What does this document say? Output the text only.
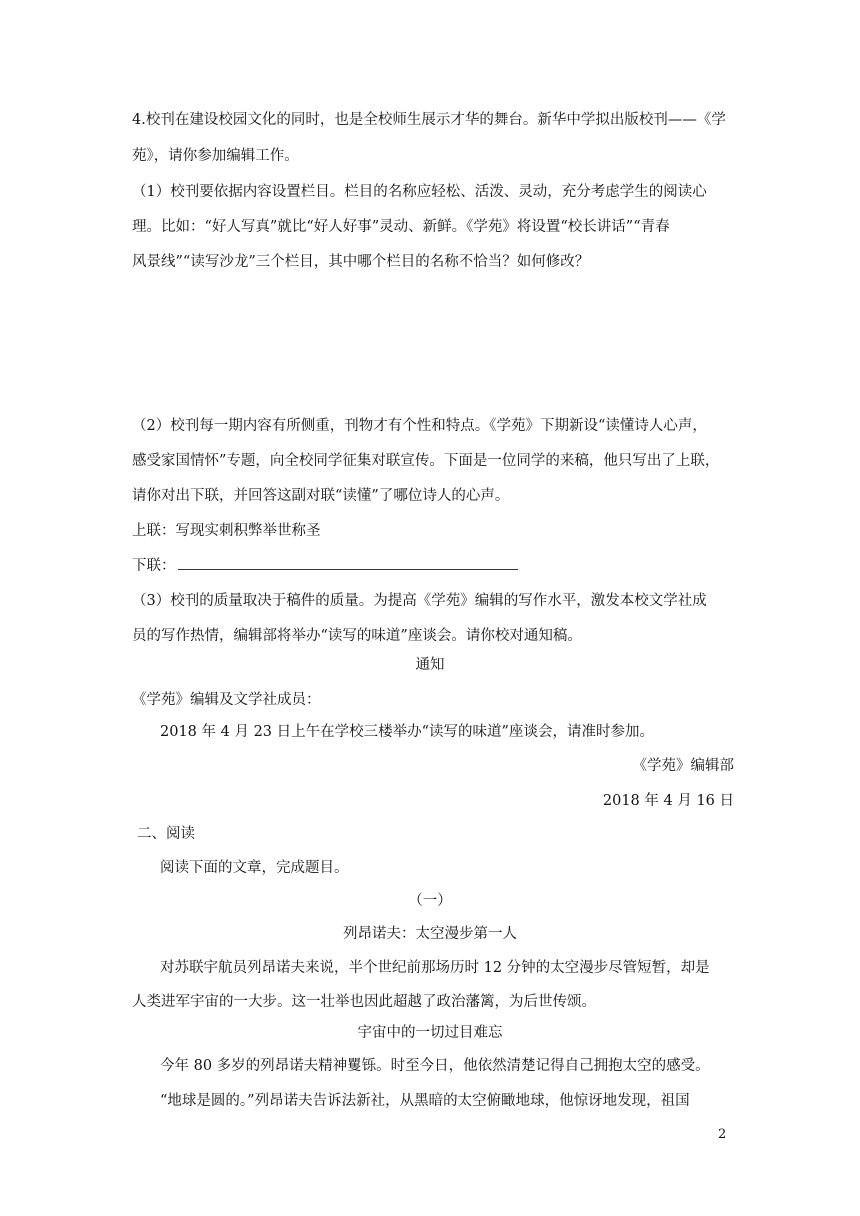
4.校刊在建设校园文化的同时，也是全校师生展示才华的舞台。新华中学拟出版校刊——《学
苑》，请你参加编辑工作。
（1）校刊要依据内容设置栏目。栏目的名称应轻松、活泼、灵动，充分考虑学生的阅读心
理。比如：“好人写真”就比“好人好事”灵动、新鲜。《学苑》将设置“校长讲话”“青春
风景线”“读写沙龙”三个栏目，其中哪个栏目的名称不恰当？如何修改？
（2）校刊每一期内容有所侧重，刊物才有个性和特点。《学苑》下期新设“读懂诗人心声，
感受家国情怀”专题，向全校同学征集对联宣传。下面是一位同学的来稿，他只写出了上联，
请你对出下联，并回答这副对联“读懂”了哪位诗人的心声。
上联：写现实刺积弊举世称圣
下联：
（3）校刊的质量取决于稿件的质量。为提高《学苑》编辑的写作水平，激发本校文学社成
员的写作热情，编辑部将举办“读写的味道”座谈会。请你校对通知稿。
通知
《学苑》编辑及文学社成员：
2018 年 4 月 23 日上午在学校三楼举办“读写的味道”座谈会，请准时参加。
《学苑》编辑部
2018 年 4 月 16 日
二、阅读
阅读下面的文章，完成题目。
（一）
列昂诺夫：太空漫步第一人
对苏联宇航员列昂诺夫来说，半个世纪前那场历时 12 分钟的太空漫步尽管短暂，却是
人类进军宇宙的一大步。这一壮举也因此超越了政治藩篱，为后世传颂。
宇宙中的一切过目难忘
今年 80 多岁的列昂诺夫精神矍铄。时至今日，他依然清楚记得自己拥抱太空的感受。
“地球是圆的。”列昂诺夫告诉法新社，从黑暗的太空俯瞰地球，他惊讶地发现，祖国
2
